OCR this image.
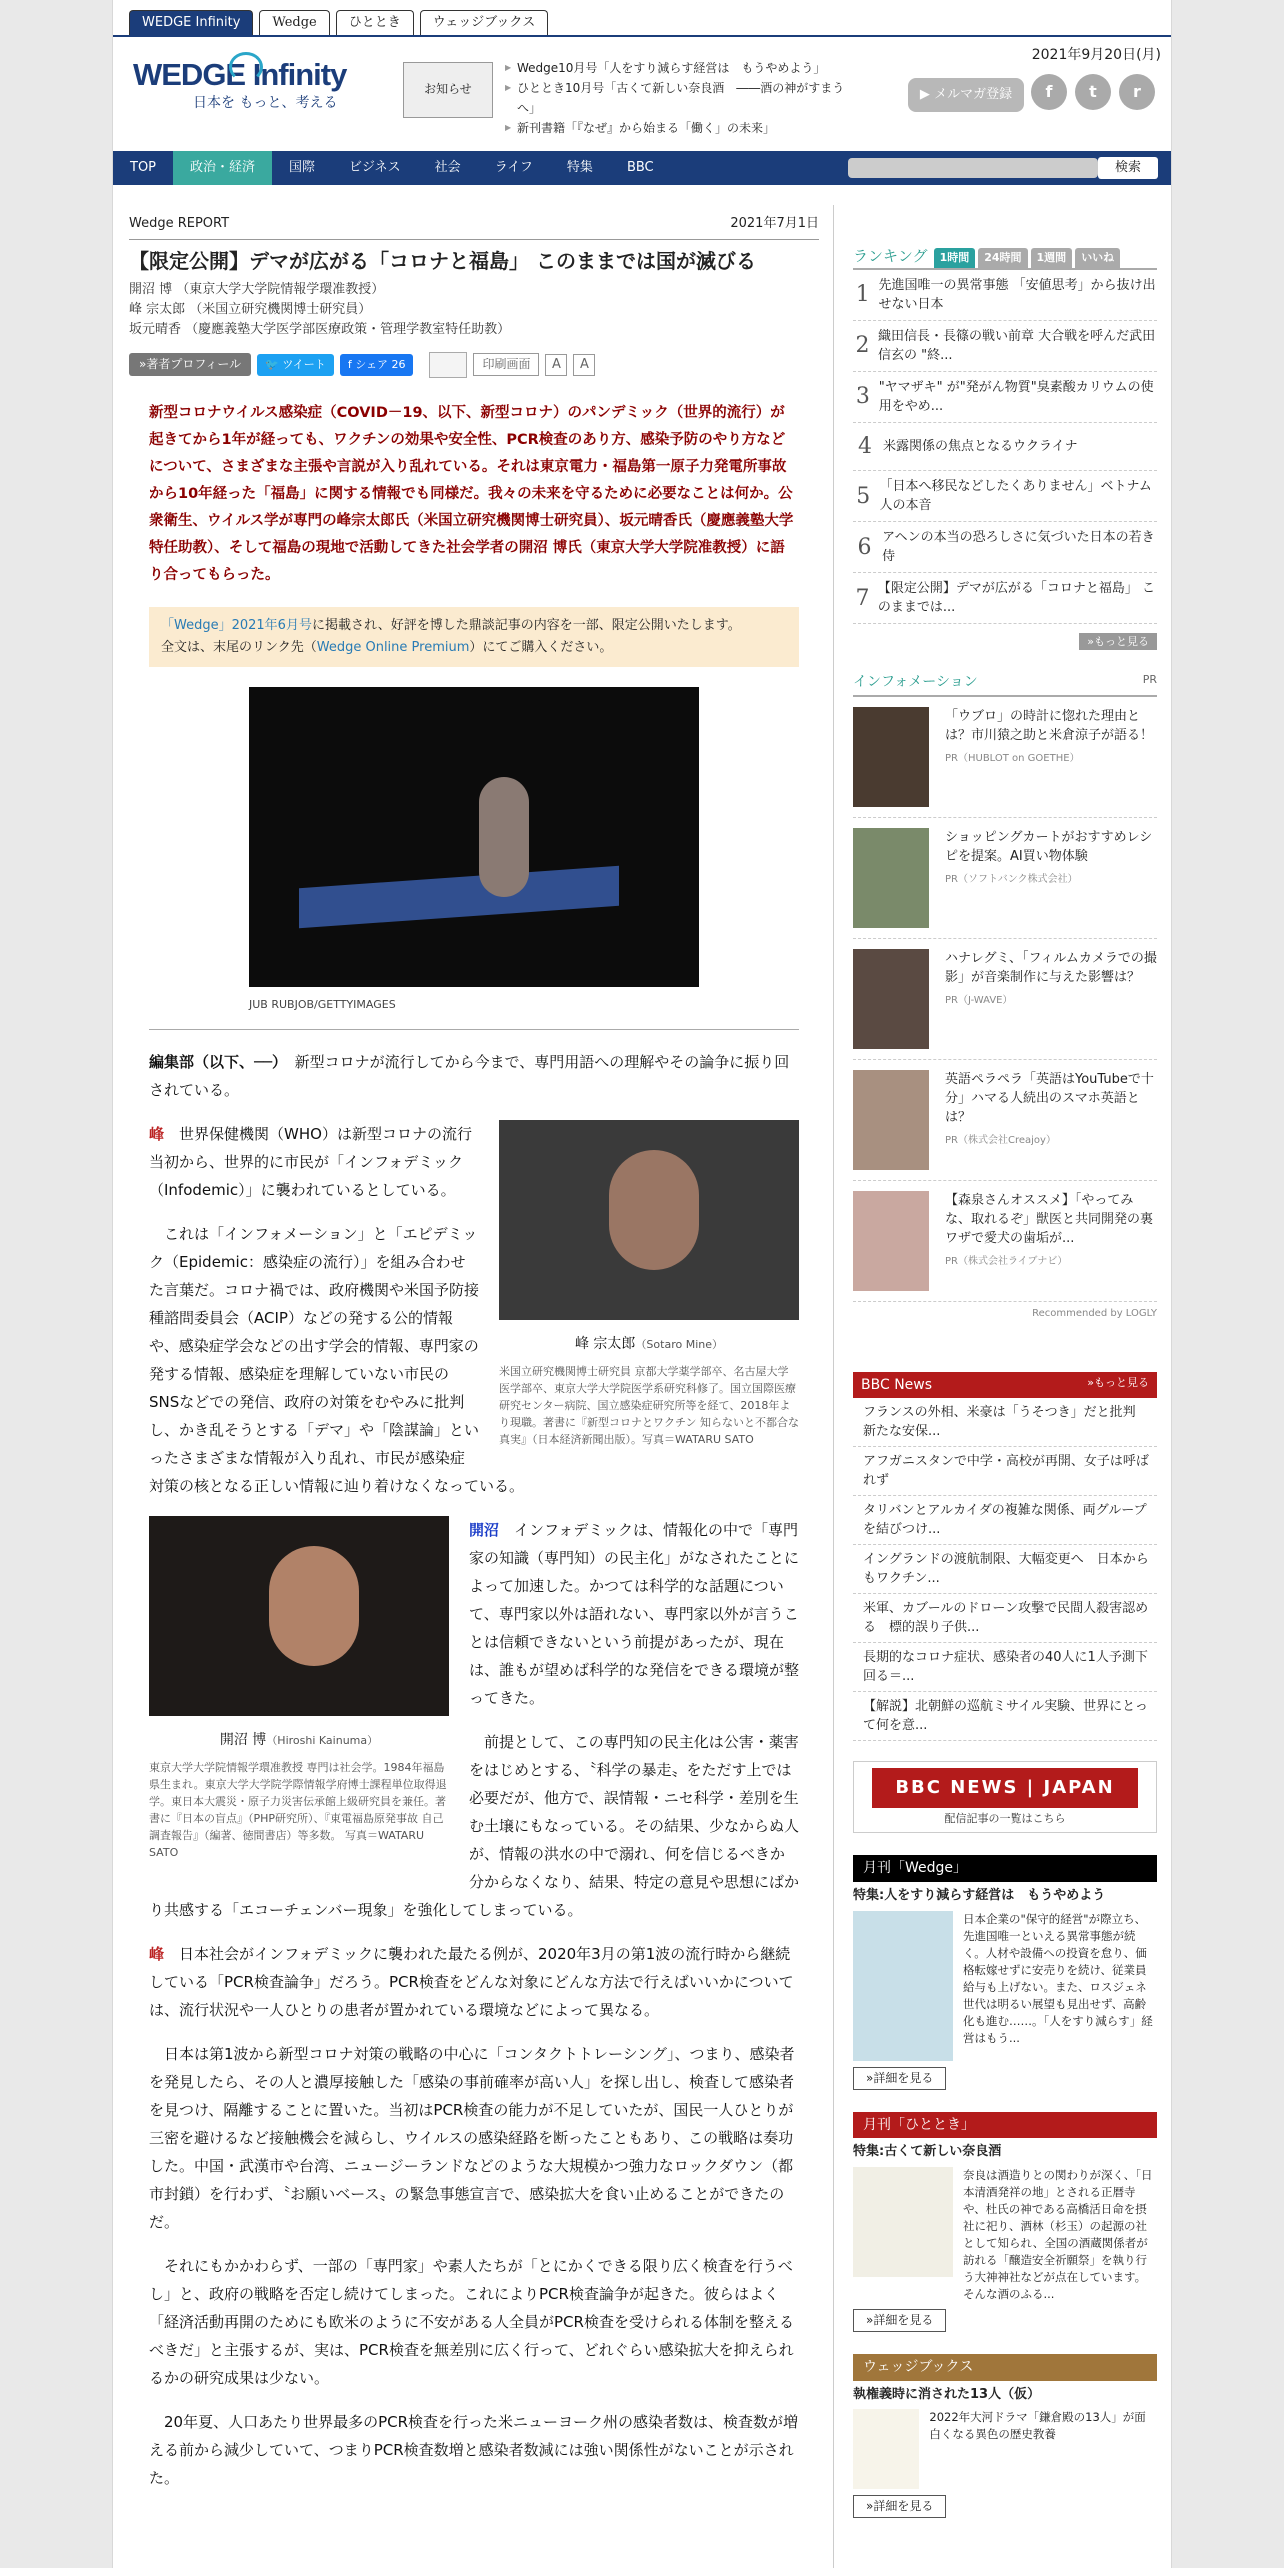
WEDGE Infinity	Wedge	ひととき	ウェッジブックス
WEDGE Infinity
日本を もっと、考える
お知らせ
▶ Wedge10月号「人をすり減らす経営は　もうやめよう」
▶ ひととき10月号「古くて新しい奈良酒　――酒の神がすまうへ」
▶ 新刊書籍「『なぜ』から始まる「働く」の未来」
2021年9月20日(月)
▶ メルマガ登録	f	t	r
TOP	政治・経済	国際	ビジネス	社会	ライフ	特集	BBC	検索
Wedge REPORT	2021年7月1日
【限定公開】デマが広がる「コロナと福島」 このままでは国が滅びる
開沼 博 （東京大学大学院情報学環准教授）
峰 宗太郎 （米国立研究機関博士研究員）
坂元晴香 （慶應義塾大学医学部医療政策・管理学教室特任助教）
»著者プロフィール	🐦 ツイート	f シェア 26	印刷画面	A	A

新型コロナウイルス感染症（COVID－19、以下、新型コロナ）のパンデミック（世界的流行）が起きてから1年が経っても、ワクチンの効果や安全性、PCR検査のあり方、感染予防のやり方などについて、さまざまな主張や言説が入り乱れている。それは東京電力・福島第一原子力発電所事故から10年経った「福島」に関する情報でも同様だ。我々の未来を守るために必要なことは何か。公衆衛生、ウイルス学が専門の峰宗太郎氏（米国立研究機関博士研究員）、坂元晴香氏（慶應義塾大学特任助教）、そして福島の現地で活動してきた社会学者の開沼 博氏（東京大学大学院准教授）に語り合ってもらった。

「Wedge」2021年6月号に掲載され、好評を博した鼎談記事の内容を一部、限定公開いたします。
全文は、末尾のリンク先（Wedge Online Premium）にてご購入ください。
JUB RUBJOB/GETTYIMAGES

編集部（以下、──）　 新型コロナが流行してから今まで、専門用語への理解やその論争に振り回されている。

峰 宗太郎（Sotaro Mine）
米国立研究機関博士研究員 京都大学薬学部卒、名古屋大学医学部卒、東京大学大学院医学系研究科修了。国立国際医療研究センター病院、国立感染症研究所等を経て、2018年より現職。著書に『新型コロナとワクチン 知らないと不都合な真実』（日本経済新聞出版）。写真＝WATARU SATO

峰　 世界保健機関（WHO）は新型コロナの流行当初から、世界的に市民が「インフォデミック（Infodemic）」に襲われているとしている。

これは「インフォメーション」と「エピデミック（Epidemic：感染症の流行）」を組み合わせた言葉だ。コロナ禍では、政府機関や米国予防接種諮問委員会（ACIP）などの発する公的情報や、感染症学会などの出す学会的情報、専門家の発する情報、感染症を理解していない市民のSNSなどでの発信、政府の対策をむやみに批判し、かき乱そうとする「デマ」や「陰謀論」といったさまざまな情報が入り乱れ、市民が感染症対策の核となる正しい情報に辿り着けなくなっている。

開沼 博（Hiroshi Kainuma）
東京大学大学院情報学環准教授 専門は社会学。1984年福島県生まれ。東京大学大学院学際情報学府博士課程単位取得退学。東日本大震災・原子力災害伝承館上級研究員を兼任。著書に『日本の盲点』（PHP研究所）、『東電福島原発事故 自己調査報告』（編著、徳間書店）等多数。 写真＝WATARU SATO

開沼　 インフォデミックは、情報化の中で「専門家の知識（専門知）の民主化」がなされたことによって加速した。かつては科学的な話題について、専門家以外は語れない、専門家以外が言うことは信頼できないという前提があったが、現在は、誰もが望めば科学的な発信をできる環境が整ってきた。

前提として、この専門知の民主化は公害・薬害をはじめとする、〝科学の暴走〟をただす上では必要だが、他方で、誤情報・ニセ科学・差別を生む土壌にもなっている。その結果、少なからぬ人が、情報の洪水の中で溺れ、何を信じるべきか分からなくなり、結果、特定の意見や思想にばかり共感する「エコーチェンバー現象」を強化してしまっている。

峰　 日本社会がインフォデミックに襲われた最たる例が、2020年3月の第1波の流行時から継続している「PCR検査論争」だろう。PCR検査をどんな対象にどんな方法で行えばいいかについては、流行状況や一人ひとりの患者が置かれている環境などによって異なる。

日本は第1波から新型コロナ対策の戦略の中心に「コンタクトトレーシング」、つまり、感染者を発見したら、その人と濃厚接触した「感染の事前確率が高い人」を探し出し、検査して感染者を見つけ、隔離することに置いた。当初はPCR検査の能力が不足していたが、国民一人ひとりが三密を避けるなど接触機会を減らし、ウイルスの感染経路を断ったこともあり、この戦略は奏功した。中国・武漢市や台湾、ニュージーランドなどのような大規模かつ強力なロックダウン（都市封鎖）を行わず、〝お願いベース〟の緊急事態宣言で、感染拡大を食い止めることができたのだ。

それにもかかわらず、一部の「専門家」や素人たちが「とにかくできる限り広く検査を行うべし」と、政府の戦略を否定し続けてしまった。これによりPCR検査論争が起きた。彼らはよく「経済活動再開のためにも欧米のように不安がある人全員がPCR検査を受けられる体制を整えるべきだ」と主張するが、実は、PCR検査を無差別に広く行って、どれぐらい感染拡大を抑えられるかの研究成果は少ない。

20年夏、人口あたり世界最多のPCR検査を行った米ニューヨーク州の感染者数は、検査数が増える前から減少していて、つまりPCR検査数増と感染者数減には強い関係性がないことが示された。

ランキング	1時間	24時間	1週間	いいね
1 先進国唯一の異常事態 「安値思考」から抜け出せない日本
2 織田信長・長篠の戦い前章 大合戦を呼んだ武田信玄の "終...
3 "ヤマザキ" が"発がん物質"臭素酸カリウムの使用をやめ...
4 米露関係の焦点となるウクライナ
5 「日本へ移民などしたくありません」ベトナム人の本音
6 アヘンの本当の恐ろしさに気づいた日本の若き侍
7 【限定公開】デマが広がる「コロナと福島」 このままでは...
»もっと見る
インフォメーション	PR
「ウブロ」の時計に惚れた理由とは？市川猿之助と米倉涼子が語る！
PR（HUBLOT on GOETHE）
ショッピングカートがおすすめレシピを提案。AI買い物体験
PR（ソフトバンク株式会社）
ハナレグミ、「フィルムカメラでの撮影」が音楽制作に与えた影響は？
PR（J-WAVE）
英語ペラペラ「英語はYouTubeで十分」ハマる人続出のスマホ英語とは？
PR（株式会社Creajoy）
【森泉さんオススメ】「やってみな、取れるぞ」獣医と共同開発の裏ワザで愛犬の歯垢が...
PR（株式会社ライブナビ）
Recommended by LOGLY
BBC News	»もっと見る
フランスの外相、米豪は「うそつき」だと批判　新たな安保...
アフガニスタンで中学・高校が再開、女子は呼ばれず
タリバンとアルカイダの複雑な関係、両グループを結びつけ...
イングランドの渡航制限、大幅変更へ　日本からもワクチン...
米軍、カブールのドローン攻撃で民間人殺害認める　標的誤り子供...
長期的なコロナ症状、感染者の40人に1人予測下回る＝...
【解説】北朝鮮の巡航ミサイル実験、世界にとって何を意...
BBC NEWS | JAPAN
配信記事の一覧はこちら
月刊「Wedge」
特集:人をすり減らす経営は　もうやめよう
日本企業の"保守的経営"が際立ち、先進国唯一といえる異常事態が続く。人材や設備への投資を怠り、価格転嫁せずに安売りを続け、従業員給与も上げない。また、ロスジェネ世代は明るい展望も見出せず、高齢化も進む……。「人をすり減らす」経営はもう...
»詳細を見る
月刊「ひととき」
特集:古くて新しい奈良酒
奈良は酒造りとの関わりが深く、「日本清酒発祥の地」とされる正暦寺や、杜氏の神である高橋活日命を摂社に祀り、酒林（杉玉）の起源の社として知られ、全国の酒蔵関係者が訪れる「醸造安全祈願祭」を執り行う大神神社などが点在しています。そんな酒のふる...
»詳細を見る
ウェッジブックス
執権義時に消された13人（仮）
2022年大河ドラマ「鎌倉殿の13人」が面白くなる異色の歴史教養
»詳細を見る
